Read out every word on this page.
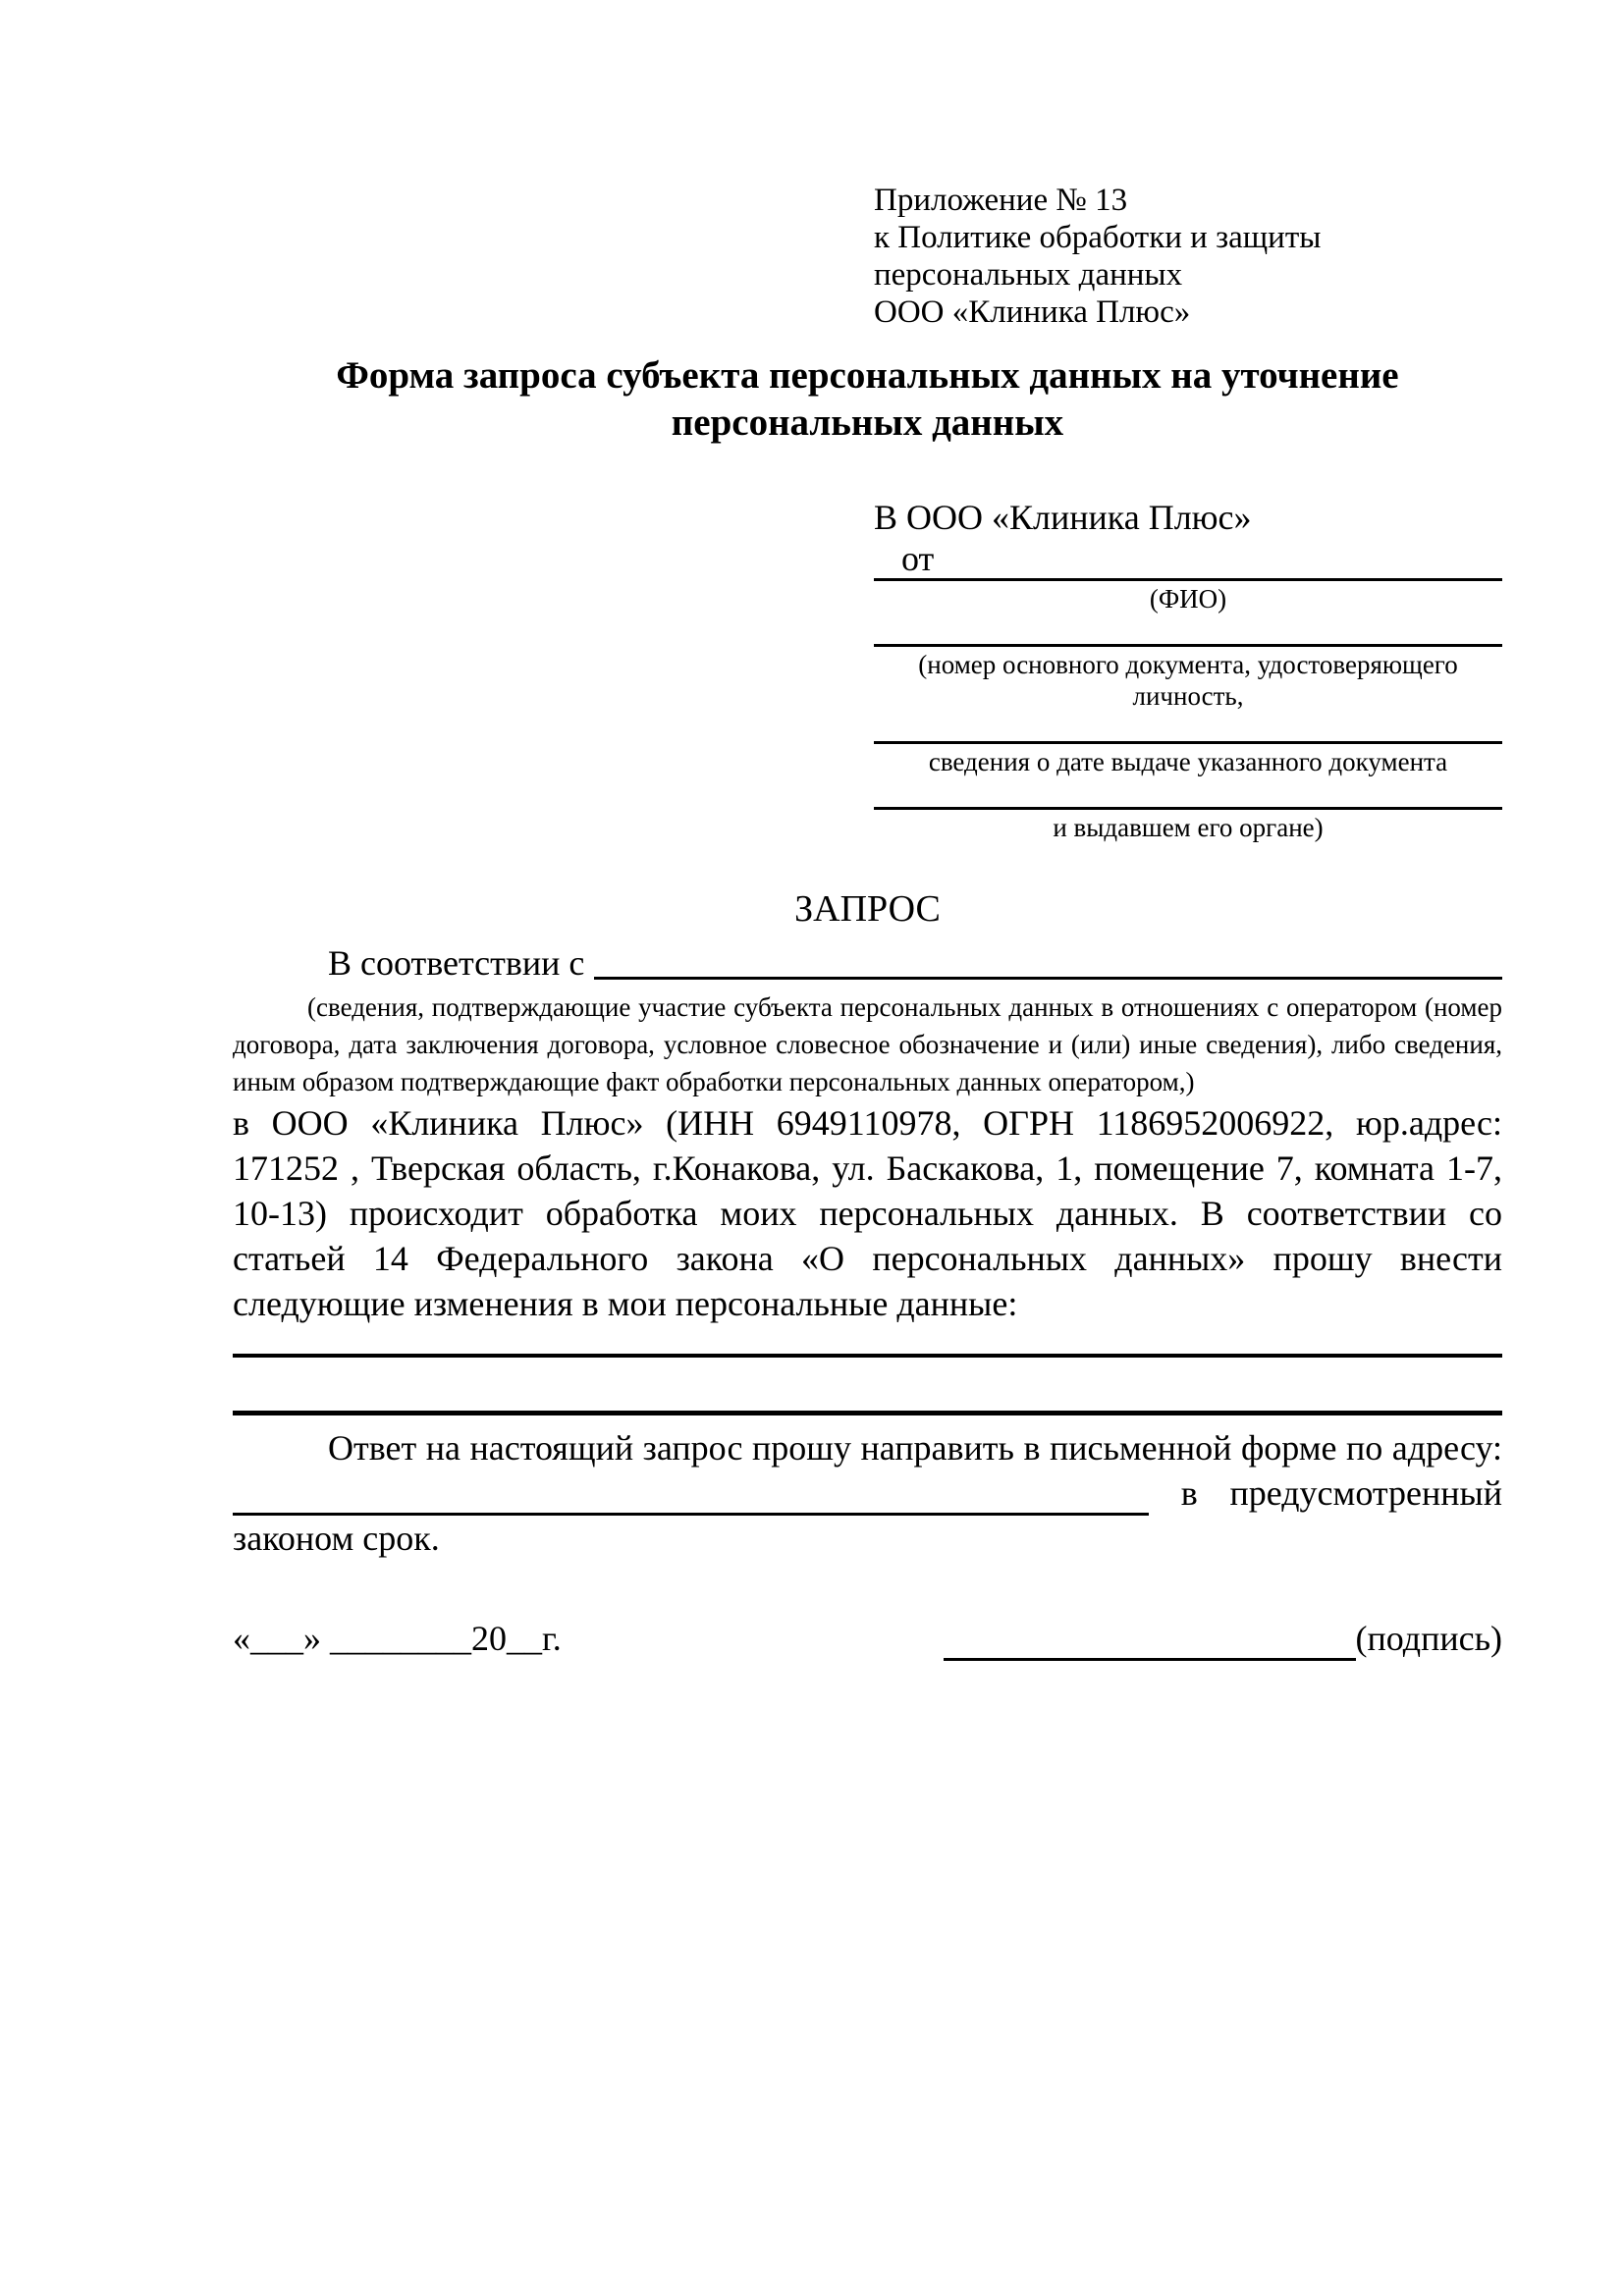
Приложение № 13
к Политике обработки и защиты
персональных данных
ООО «Клиника Плюс»
Форма запроса субъекта персональных данных на уточнение персональных данных
В ООО «Клиника Плюс»
от
(ФИО)
(номер основного документа, удостоверяющего личность,
сведения о дате выдаче указанного документа
и выдавшем его органе)
ЗАПРОС
В соответствии с
(сведения, подтверждающие участие субъекта персональных данных в отношениях с оператором (номер договора, дата заключения договора, условное словесное обозначение и (или) иные сведения), либо сведения, иным образом подтверждающие факт обработки персональных данных оператором,)
в ООО «Клиника Плюс» (ИНН 6949110978, ОГРН 1186952006922, юр.адрес: 171252 , Тверская область, г.Конакова, ул. Баскакова, 1, помещение 7, комната 1-7, 10-13) происходит обработка моих персональных данных. В соответствии со статьей 14 Федерального закона «О персональных данных» прошу внести следующие изменения в мои персональные данные:
Ответ на настоящий запрос прошу направить в письменной форме по адресу:
в предусмотренный
законом срок.
«___» ________20__г.	(подпись)
